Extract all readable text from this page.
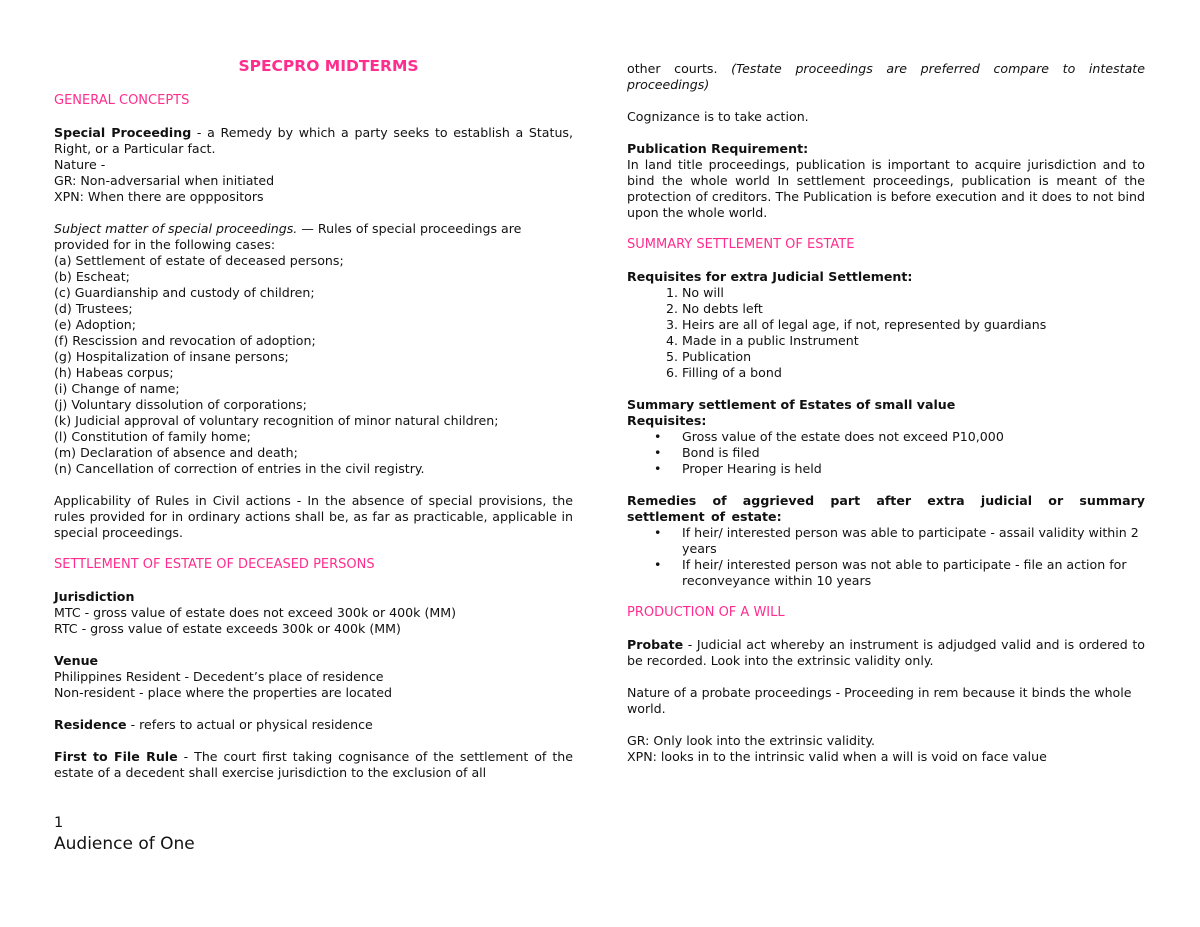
SPECPRO MIDTERMS
GENERAL CONCEPTS

Special Proceeding - a Remedy by which a party seeks to establish a Status, Right, or a Particular fact.

Nature -
GR: Non-adversarial when initiated

XPN: When there are opppositors

Subject matter of special proceedings. — Rules of special proceedings are provided for in the following cases:

(a) Settlement of estate of deceased persons;
(b) Escheat;
(c) Guardianship and custody of children;
(d) Trustees;
(e) Adoption;
(f) Rescission and revocation of adoption;
(g) Hospitalization of insane persons;
(h) Habeas corpus;
(i) Change of name;
(j) Voluntary dissolution of corporations;
(k) Judicial approval of voluntary recognition of minor natural children;
(l) Constitution of family home;
(m) Declaration of absence and death;
(n) Cancellation of correction of entries in the civil registry.

Applicability of Rules in Civil actions - In the absence of special provisions, the rules provided for in ordinary actions shall be, as far as practicable, applicable in special proceedings.

SETTLEMENT OF ESTATE OF DECEASED PERSONS
Jurisdiction
MTC - gross value of estate does not exceed 300k or 400k (MM)

RTC - gross value of estate exceeds 300k or 400k (MM)

Venue
Philippines Resident - Decedent’s place of residence

Non-resident - place where the properties are located

Residence - refers to actual or physical residence

First to File Rule - The court first taking cognisance of the settlement of the estate of a decedent shall exercise jurisdiction to the exclusion of all

other courts. (Testate proceedings are preferred compare to intestate proceedings)

Cognizance is to take action.

Publication Requirement:

In land title proceedings, publication is important to acquire jurisdiction and to bind the whole world In settlement proceedings, publication is meant of the protection of creditors. The Publication is before execution and it does to not bind upon the whole world.

SUMMARY SETTLEMENT OF ESTATE
Requisites for extra Judicial Settlement:
1. No will
2. No debts left
3. Heirs are all of legal age, if not, represented by guardians
4. Made in a public Instrument
5. Publication
6. Filling of a bond
Summary settlement of Estates of small value
Requisites:
• Gross value of the estate does not exceed P10,000
• Bond is filed
• Proper Hearing is held
Remedies of aggrieved part after extra judicial or summary settlement of estate:
• If heir/ interested person was able to participate - assail validity within 2 years
• If heir/ interested person was not able to participate - file an action for reconveyance within 10 years
PRODUCTION OF A WILL

Probate - Judicial act whereby an instrument is adjudged valid and is ordered to be recorded. Look into the extrinsic validity only.

Nature of a probate proceedings - Proceeding in rem because it binds the whole world.

GR: Only look into the extrinsic validity.
XPN: looks in to the intrinsic valid when a will is void on face value
1
Audience of One
